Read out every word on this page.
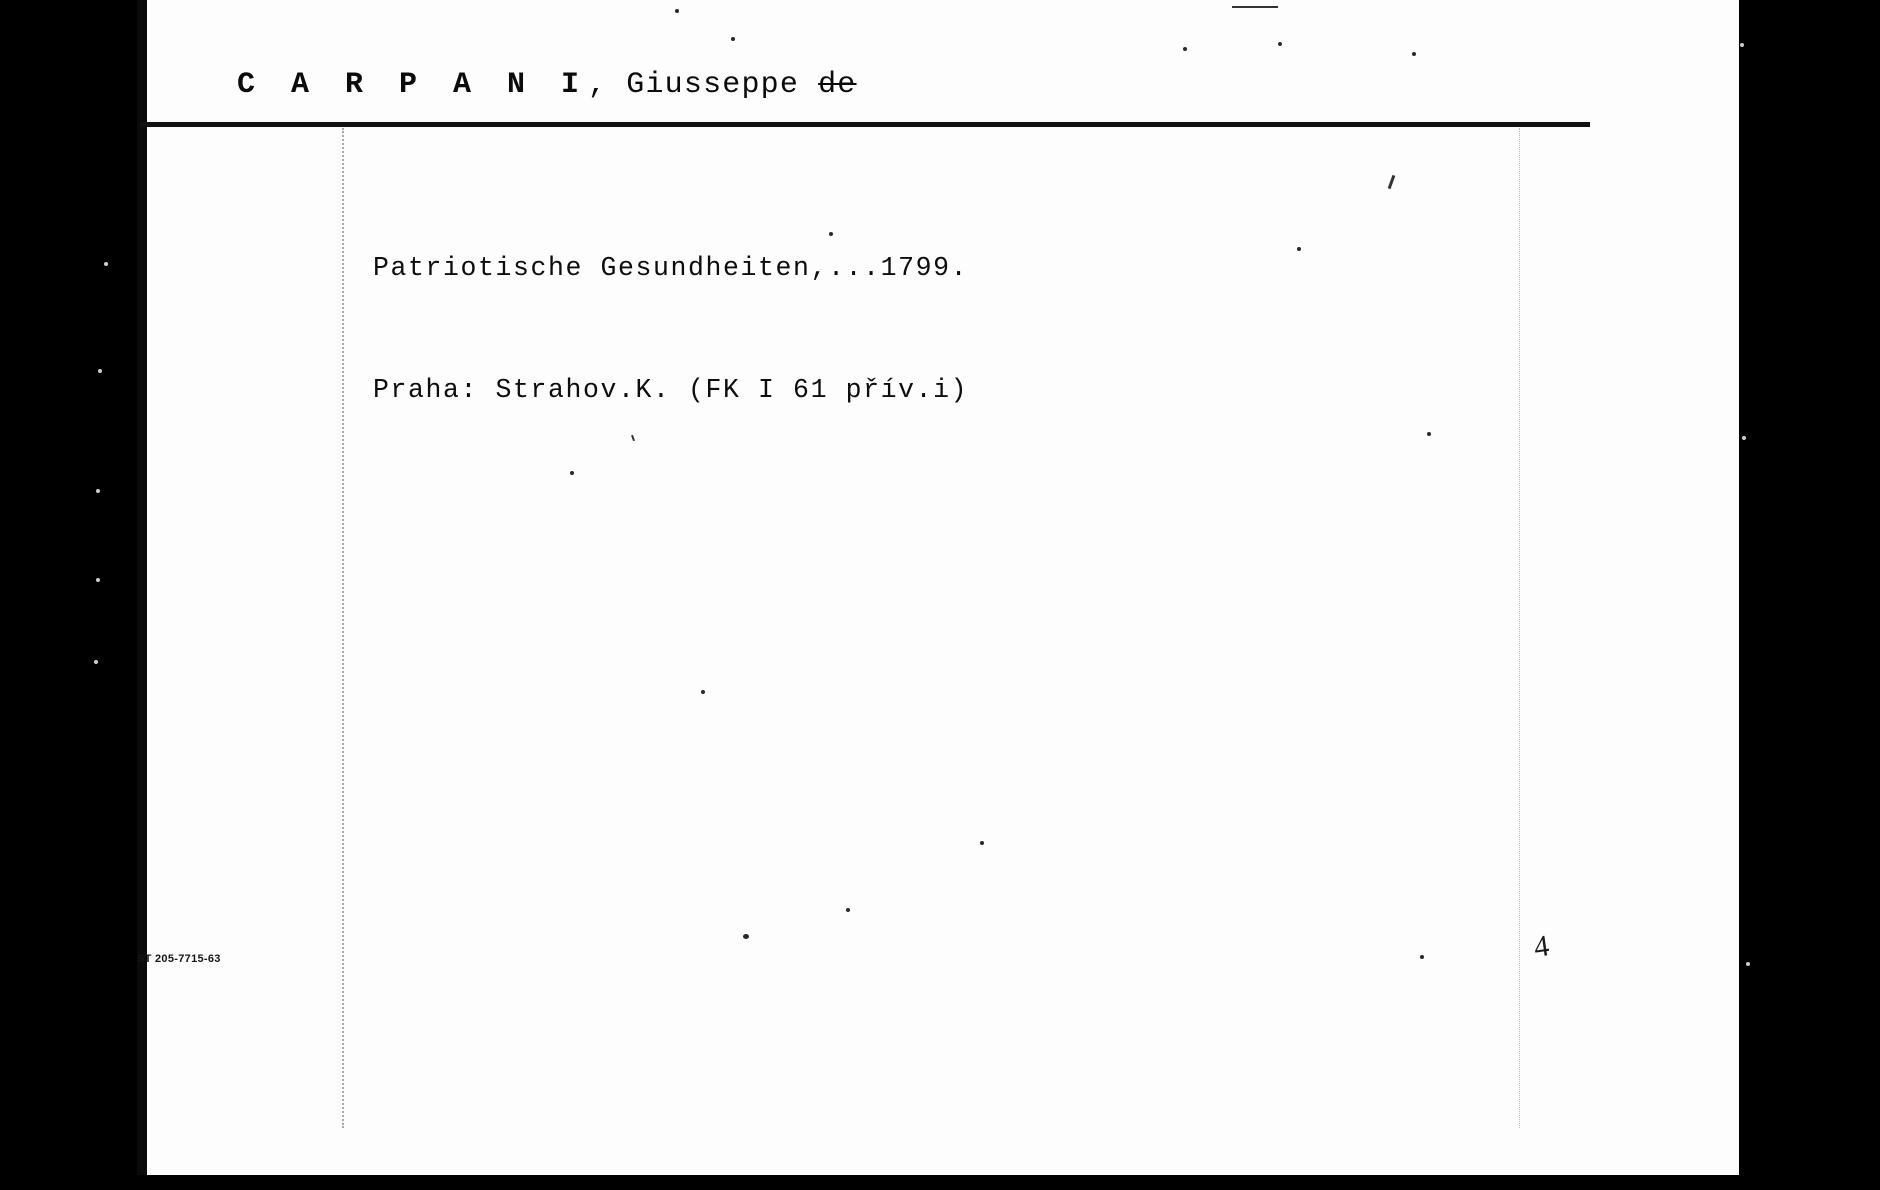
C A R P A N I, Giusseppe de
Patriotische Gesundheiten,...1799.
Praha: Strahov.K. (FK I 61 přív.i)
4
ST 205-7715-63
